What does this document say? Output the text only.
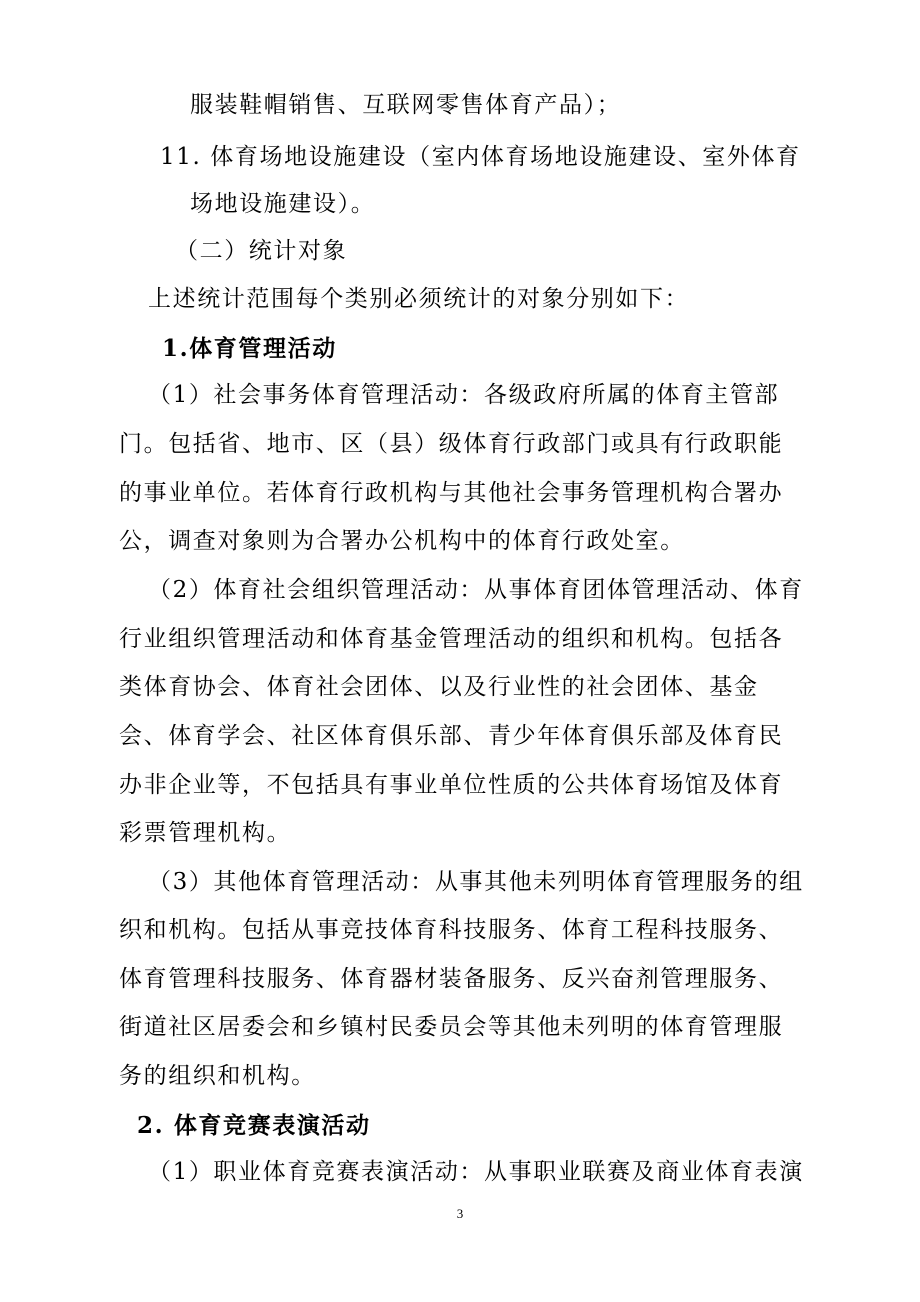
服装鞋帽销售、互联网零售体育产品）；
11. 体育场地设施建设（室内体育场地设施建设、室外体育
场地设施建设）。
（二）统计对象
上述统计范围每个类别必须统计的对象分别如下：
1.体育管理活动
（1）社会事务体育管理活动：各级政府所属的体育主管部
门。包括省、地市、区（县）级体育行政部门或具有行政职能
的事业单位。若体育行政机构与其他社会事务管理机构合署办
公，调查对象则为合署办公机构中的体育行政处室。
（2）体育社会组织管理活动：从事体育团体管理活动、体育
行业组织管理活动和体育基金管理活动的组织和机构。包括各
类体育协会、体育社会团体、以及行业性的社会团体、基金
会、体育学会、社区体育俱乐部、青少年体育俱乐部及体育民
办非企业等，不包括具有事业单位性质的公共体育场馆及体育
彩票管理机构。
（3）其他体育管理活动：从事其他未列明体育管理服务的组
织和机构。包括从事竞技体育科技服务、体育工程科技服务、
体育管理科技服务、体育器材装备服务、反兴奋剂管理服务、
街道社区居委会和乡镇村民委员会等其他未列明的体育管理服
务的组织和机构。
2. 体育竞赛表演活动
（1）职业体育竞赛表演活动：从事职业联赛及商业体育表演
3
